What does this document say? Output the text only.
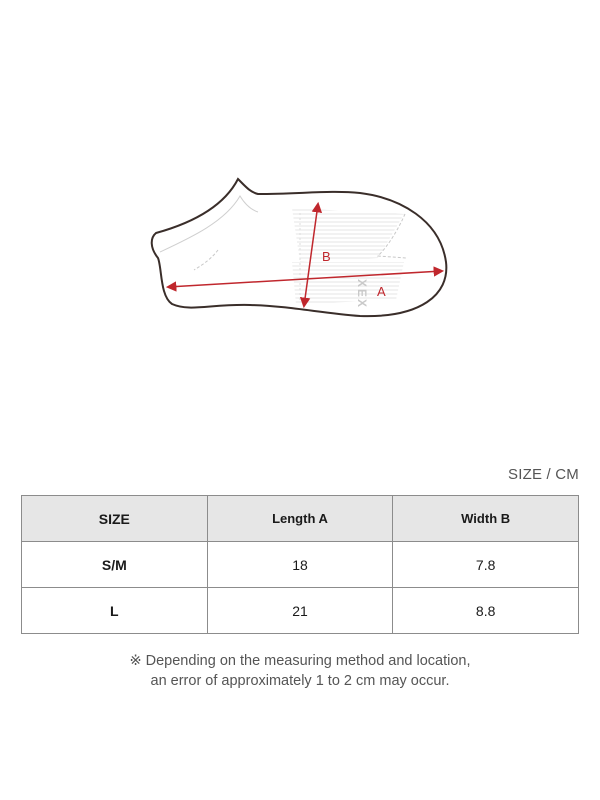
XEX A
B
SIZE / CM
SIZE	Length A	Width B
S/M	18	7.8
L	21	8.8
※ Depending on the measuring method and location,
an error of approximately 1 to 2 cm may occur.
